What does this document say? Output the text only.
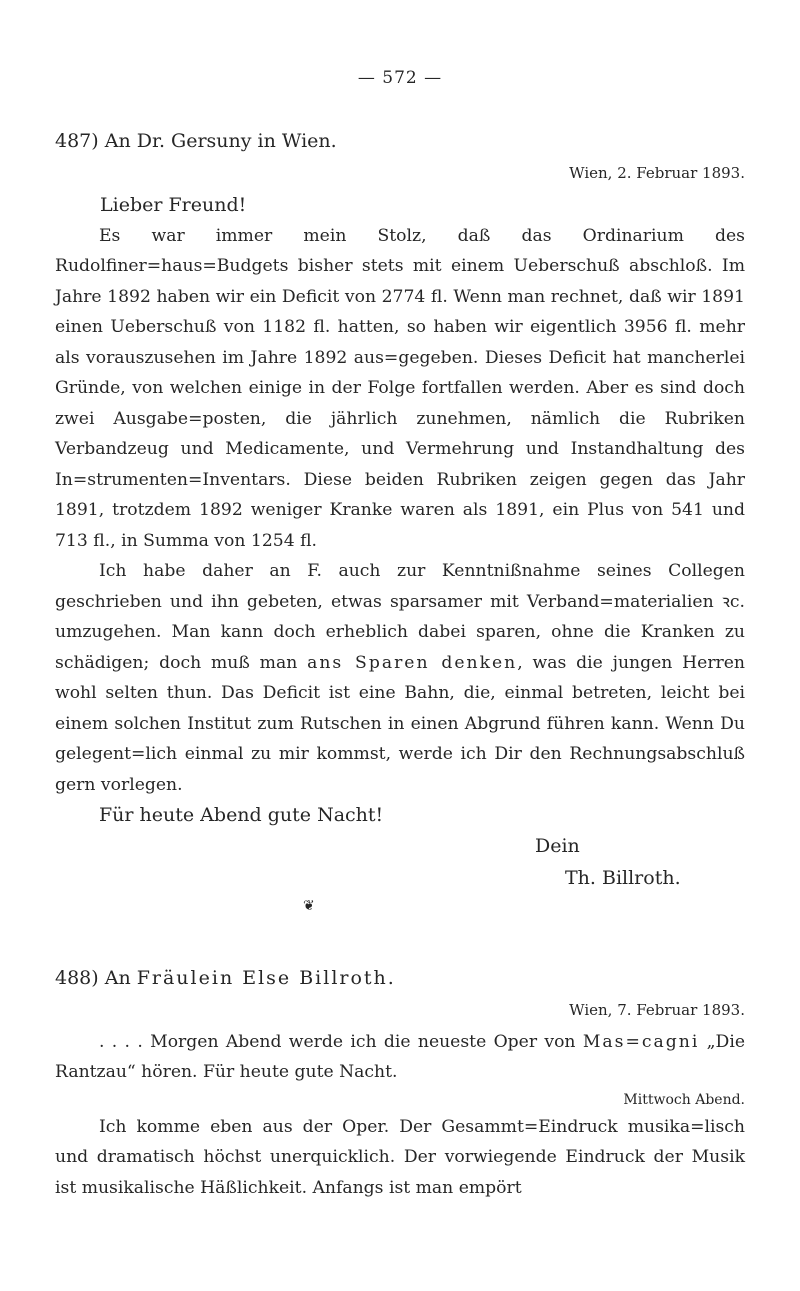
— 572 —

487) An Dr. Gersuny in Wien.

Wien, 2. Februar 1893.

Lieber Freund!

Es war immer mein Stolz, daß das Ordinarium des Rudolfiner=haus=Budgets bisher stets mit einem Ueberschuß abschloß. Im Jahre 1892 haben wir ein Deficit von 2774 fl. Wenn man rechnet, daß wir 1891 einen Ueberschuß von 1182 fl. hatten, so haben wir eigentlich 3956 fl. mehr als vorauszusehen im Jahre 1892 aus=gegeben. Dieses Deficit hat mancherlei Gründe, von welchen einige in der Folge fortfallen werden. Aber es sind doch zwei Ausgabe=posten, die jährlich zunehmen, nämlich die Rubriken Verbandzeug und Medicamente, und Vermehrung und Instandhaltung des In=strumenten=Inventars. Diese beiden Rubriken zeigen gegen das Jahr 1891, trotzdem 1892 weniger Kranke waren als 1891, ein Plus von 541 und 713 fl., in Summa von 1254 fl.

Ich habe daher an F. auch zur Kenntnißnahme seines Collegen geschrieben und ihn gebeten, etwas sparsamer mit Verband=materialien ꝛc. umzugehen. Man kann doch erheblich dabei sparen, ohne die Kranken zu schädigen; doch muß man ans Sparen denken, was die jungen Herren wohl selten thun. Das Deficit ist eine Bahn, die, einmal betreten, leicht bei einem solchen Institut zum Rutschen in einen Abgrund führen kann. Wenn Du gelegent=lich einmal zu mir kommst, werde ich Dir den Rechnungsabschluß gern vorlegen.

Für heute Abend gute Nacht!

Dein

Th. Billroth.

❦

488) An Fräulein Else Billroth.

Wien, 7. Februar 1893.

. . . . Morgen Abend werde ich die neueste Oper von Mas=cagni „Die Rantzau“ hören. Für heute gute Nacht.

Mittwoch Abend.

Ich komme eben aus der Oper. Der Gesammt=Eindruck musika=lisch und dramatisch höchst unerquicklich. Der vorwiegende Eindruck der Musik ist musikalische Häßlichkeit. Anfangs ist man empört
